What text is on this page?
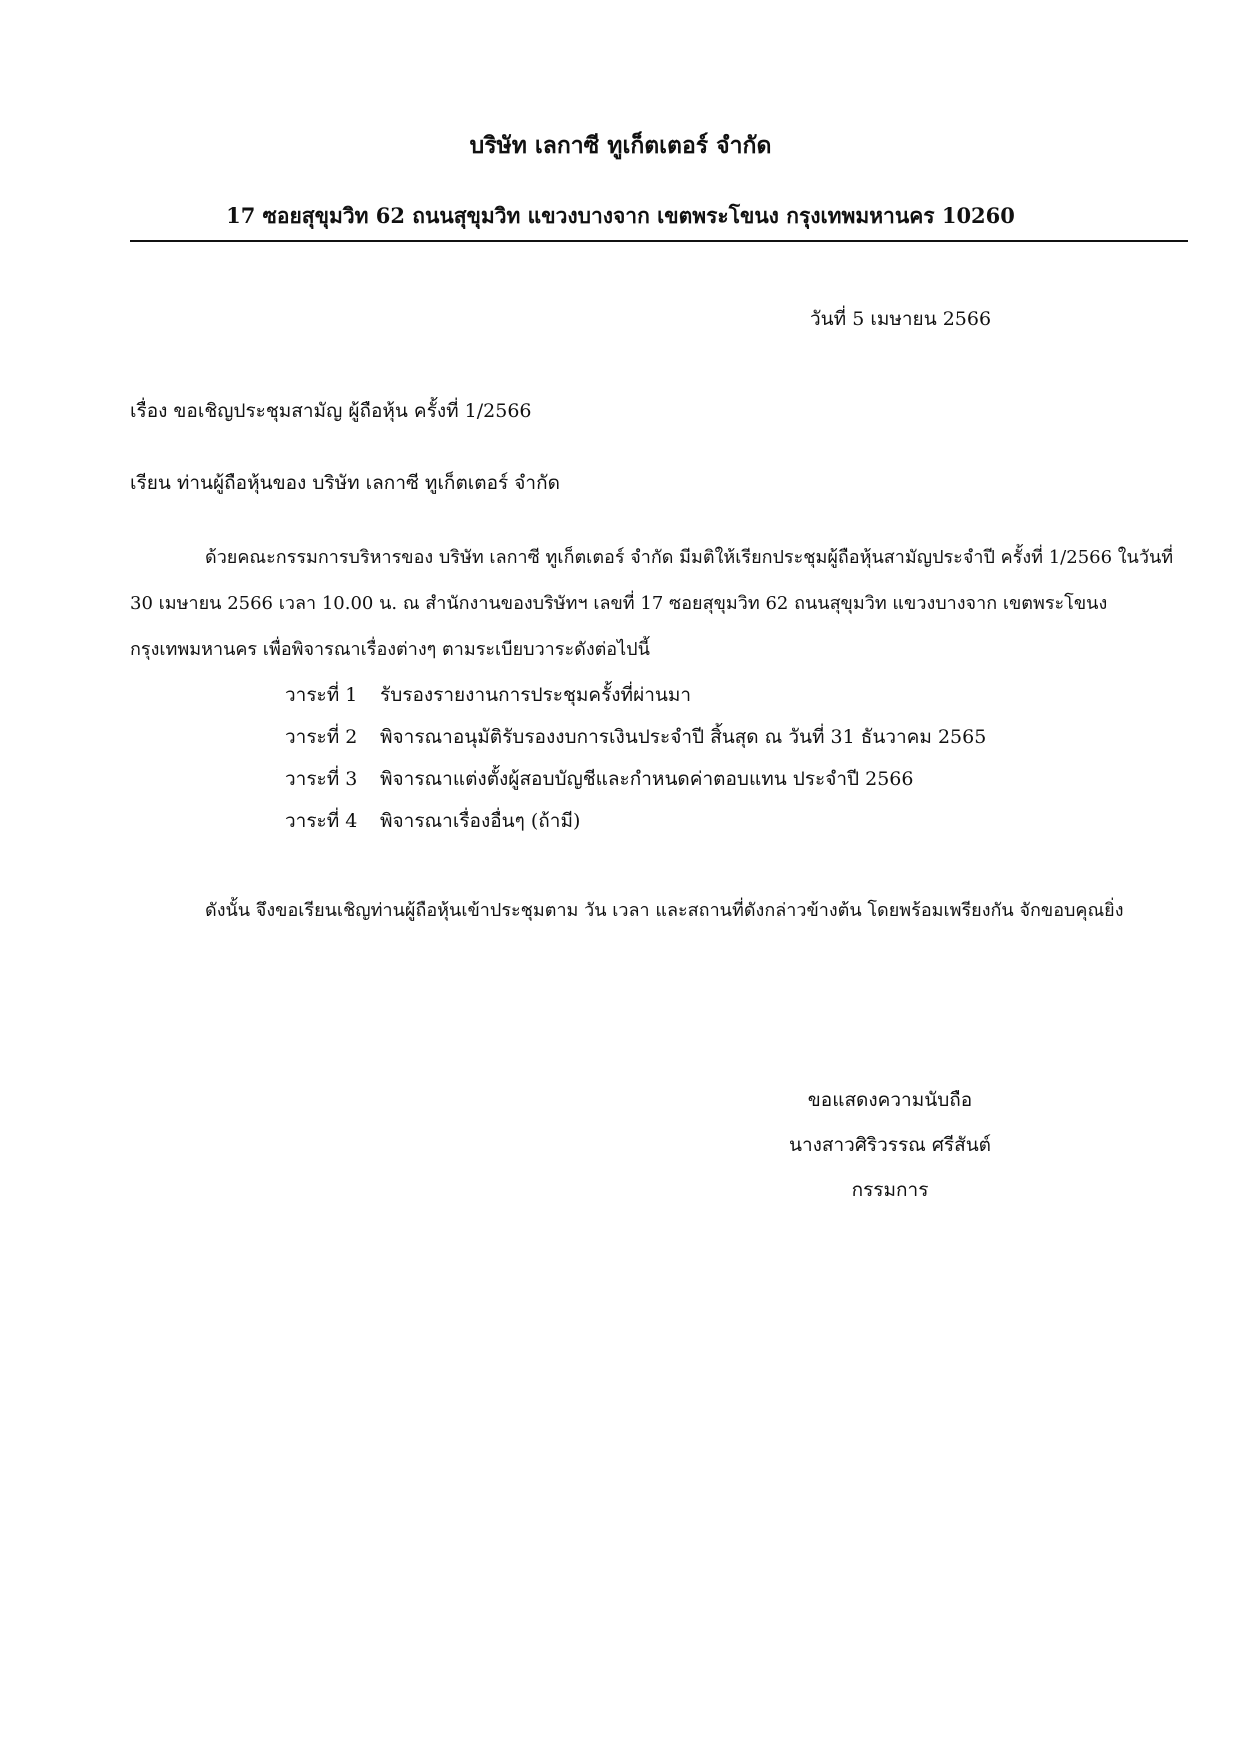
บริษัท เลกาซี ทูเก็ตเตอร์ จำกัด
17 ซอยสุขุมวิท 62 ถนนสุขุมวิท แขวงบางจาก เขตพระโขนง กรุงเทพมหานคร 10260
วันที่ 5 เมษายน 2566
เรื่อง ขอเชิญประชุมสามัญ ผู้ถือหุ้น ครั้งที่ 1/2566
เรียน ท่านผู้ถือหุ้นของ บริษัท เลกาซี ทูเก็ตเตอร์ จำกัด
ด้วยคณะกรรมการบริหารของ บริษัท เลกาซี ทูเก็ตเตอร์ จำกัด มีมติให้เรียกประชุมผู้ถือหุ้นสามัญประจำปี ครั้งที่ 1/2566 ในวันที่ 30 เมษายน 2566 เวลา 10.00 น. ณ สำนักงานของบริษัทฯ เลขที่ 17 ซอยสุขุมวิท 62 ถนนสุขุมวิท แขวงบางจาก เขตพระโขนง กรุงเทพมหานคร เพื่อพิจารณาเรื่องต่างๆ ตามระเบียบวาระดังต่อไปนี้
วาระที่ 1 รับรองรายงานการประชุมครั้งที่ผ่านมา
วาระที่ 2 พิจารณาอนุมัติรับรองงบการเงินประจำปี สิ้นสุด ณ วันที่ 31 ธันวาคม 2565
วาระที่ 3 พิจารณาแต่งตั้งผู้สอบบัญชีและกำหนดค่าตอบแทน ประจำปี 2566
วาระที่ 4 พิจารณาเรื่องอื่นๆ (ถ้ามี)
ดังนั้น จึงขอเรียนเชิญท่านผู้ถือหุ้นเข้าประชุมตาม วัน เวลา และสถานที่ดังกล่าวข้างต้น โดยพร้อมเพรียงกัน จักขอบคุณยิ่ง
ขอแสดงความนับถือ
นางสาวศิริวรรณ ศรีสันต์
กรรมการ
